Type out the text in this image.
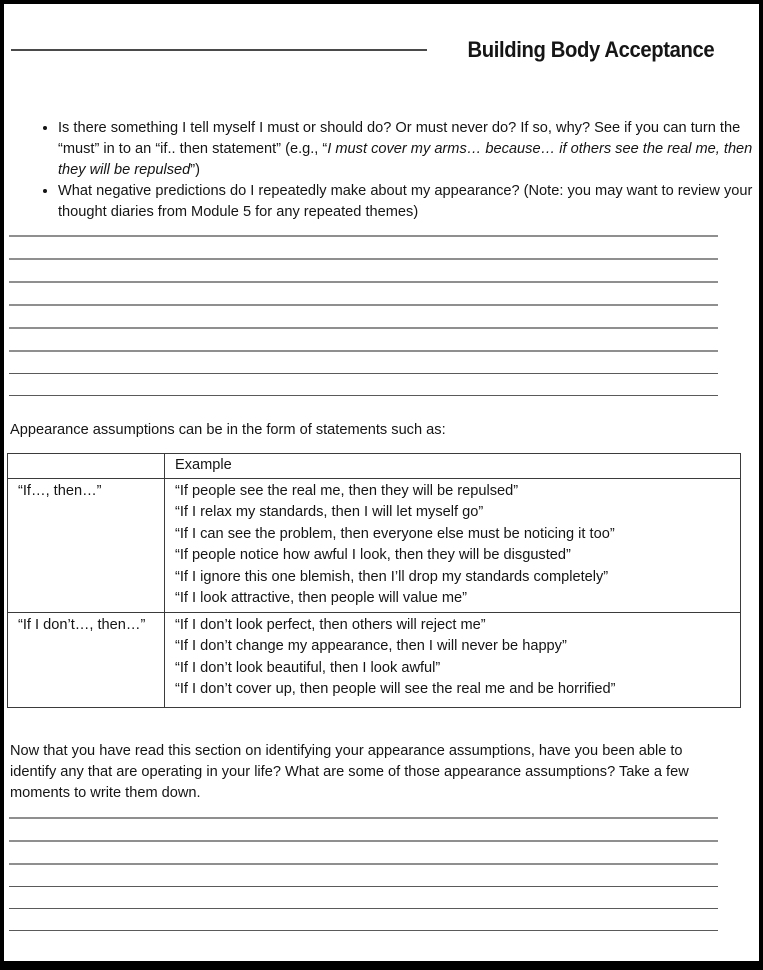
Building Body Acceptance
• Is there something I tell myself I must or should do? Or must never do? If so, why? See if you can turn the “must” in to an “if.. then statement” (e.g., “I must cover my arms… because… if others see the real me, then they will be repulsed”)
• What negative predictions do I repeatedly make about my appearance? (Note: you may want to review your thought diaries from Module 5 for any repeated themes)
Appearance assumptions can be in the form of statements such as:
	Example
“If…, then…”	“If people see the real me, then they will be repulsed”
“If I relax my standards, then I will let myself go”
“If I can see the problem, then everyone else must be noticing it too”
“If people notice how awful I look, then they will be disgusted”
“If I ignore this one blemish, then I’ll drop my standards completely”
“If I look attractive, then people will value me”

“If I don’t…, then…”	“If I don’t look perfect, then others will reject me”
“If I don’t change my appearance, then I will never be happy”
“If I don’t look beautiful, then I look awful”
“If I don’t cover up, then people will see the real me and be horrified”
Now that you have read this section on identifying your appearance assumptions, have you been able to identify any that are operating in your life? What are some of those appearance assumptions? Take a few moments to write them down.
